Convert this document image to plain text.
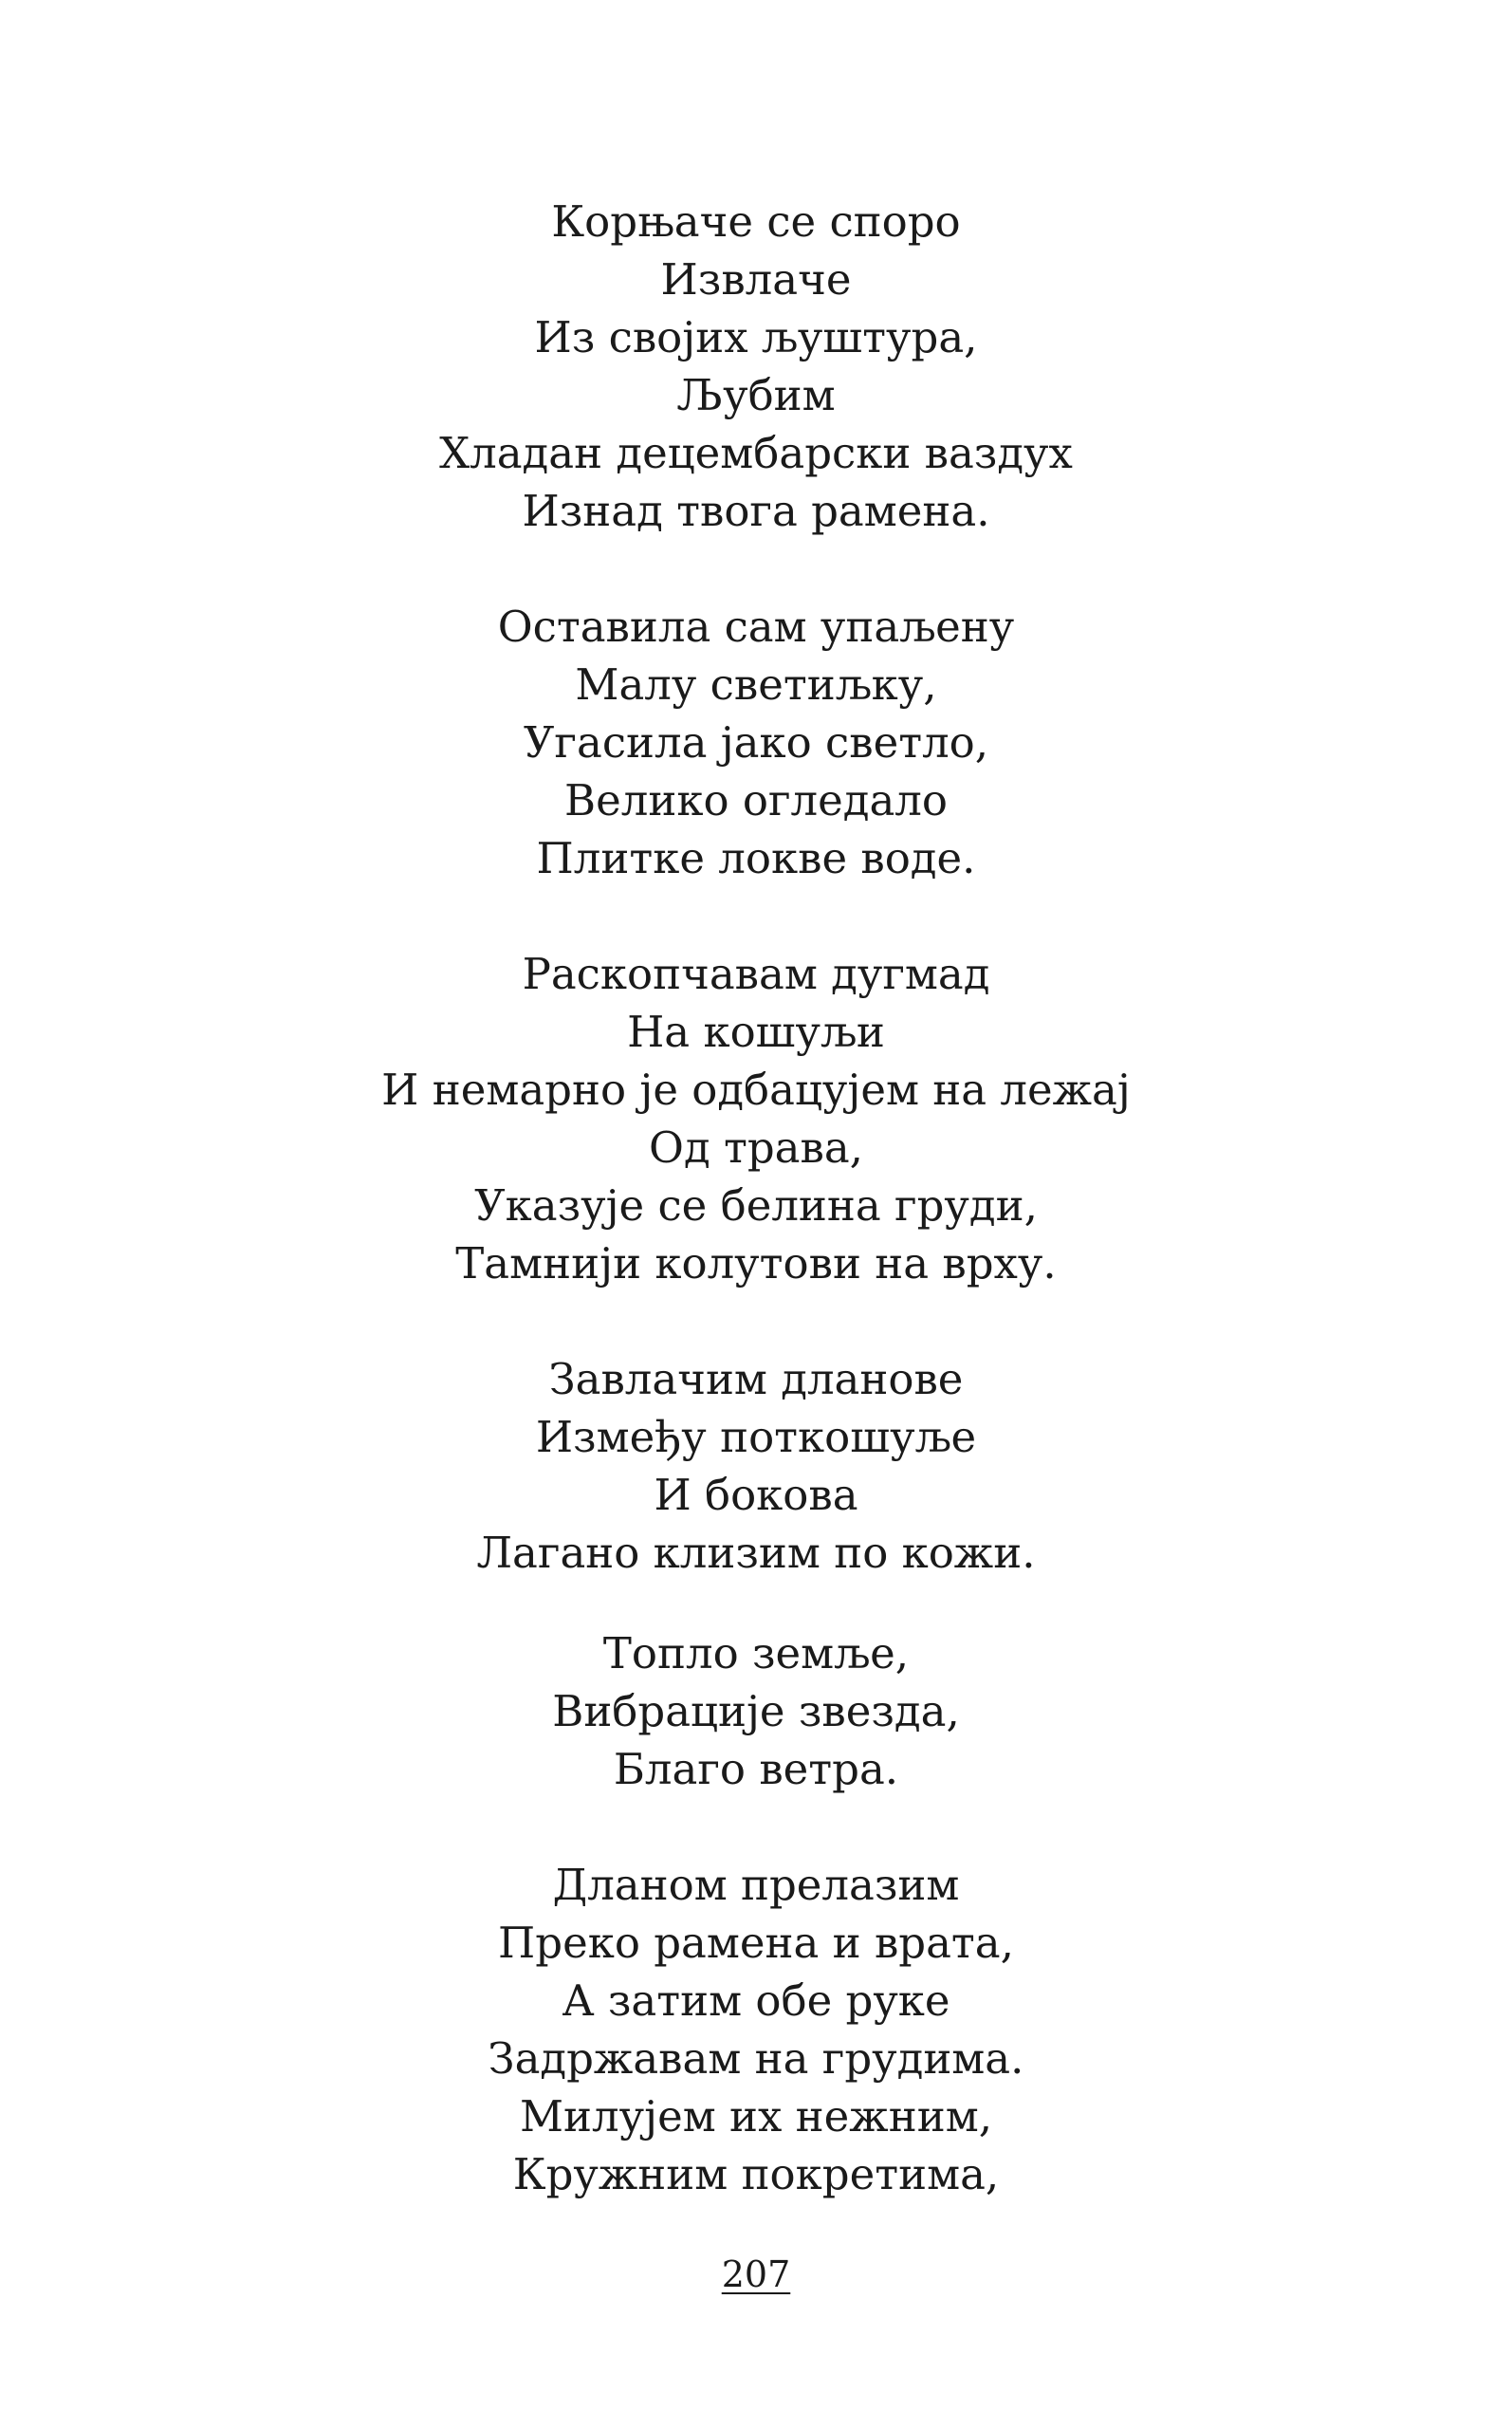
Корњаче се споро
Извлаче
Из својих љуштура,
Љубим
Хладан децембарски ваздух
Изнад твога рамена.
Оставила сам упаљену
Малу светиљку,
Угасила јако светло,
Велико огледало
Плитке локве воде.
Раскопчавам дугмад
На кошуљи
И немарно је одбацујем на лежај
Од трава,
Указује се белина груди,
Тамнији колутови на врху.
Завлачим дланове
Између поткошуље
И бокова
Лагано клизим по кожи.
Топло земље,
Вибрације звезда,
Благо ветра.
Дланом прелазим
Преко рамена и врата,
А затим обе руке
Задржавам на грудима.
Милујем их нежним,
Кружним покретима,
207
